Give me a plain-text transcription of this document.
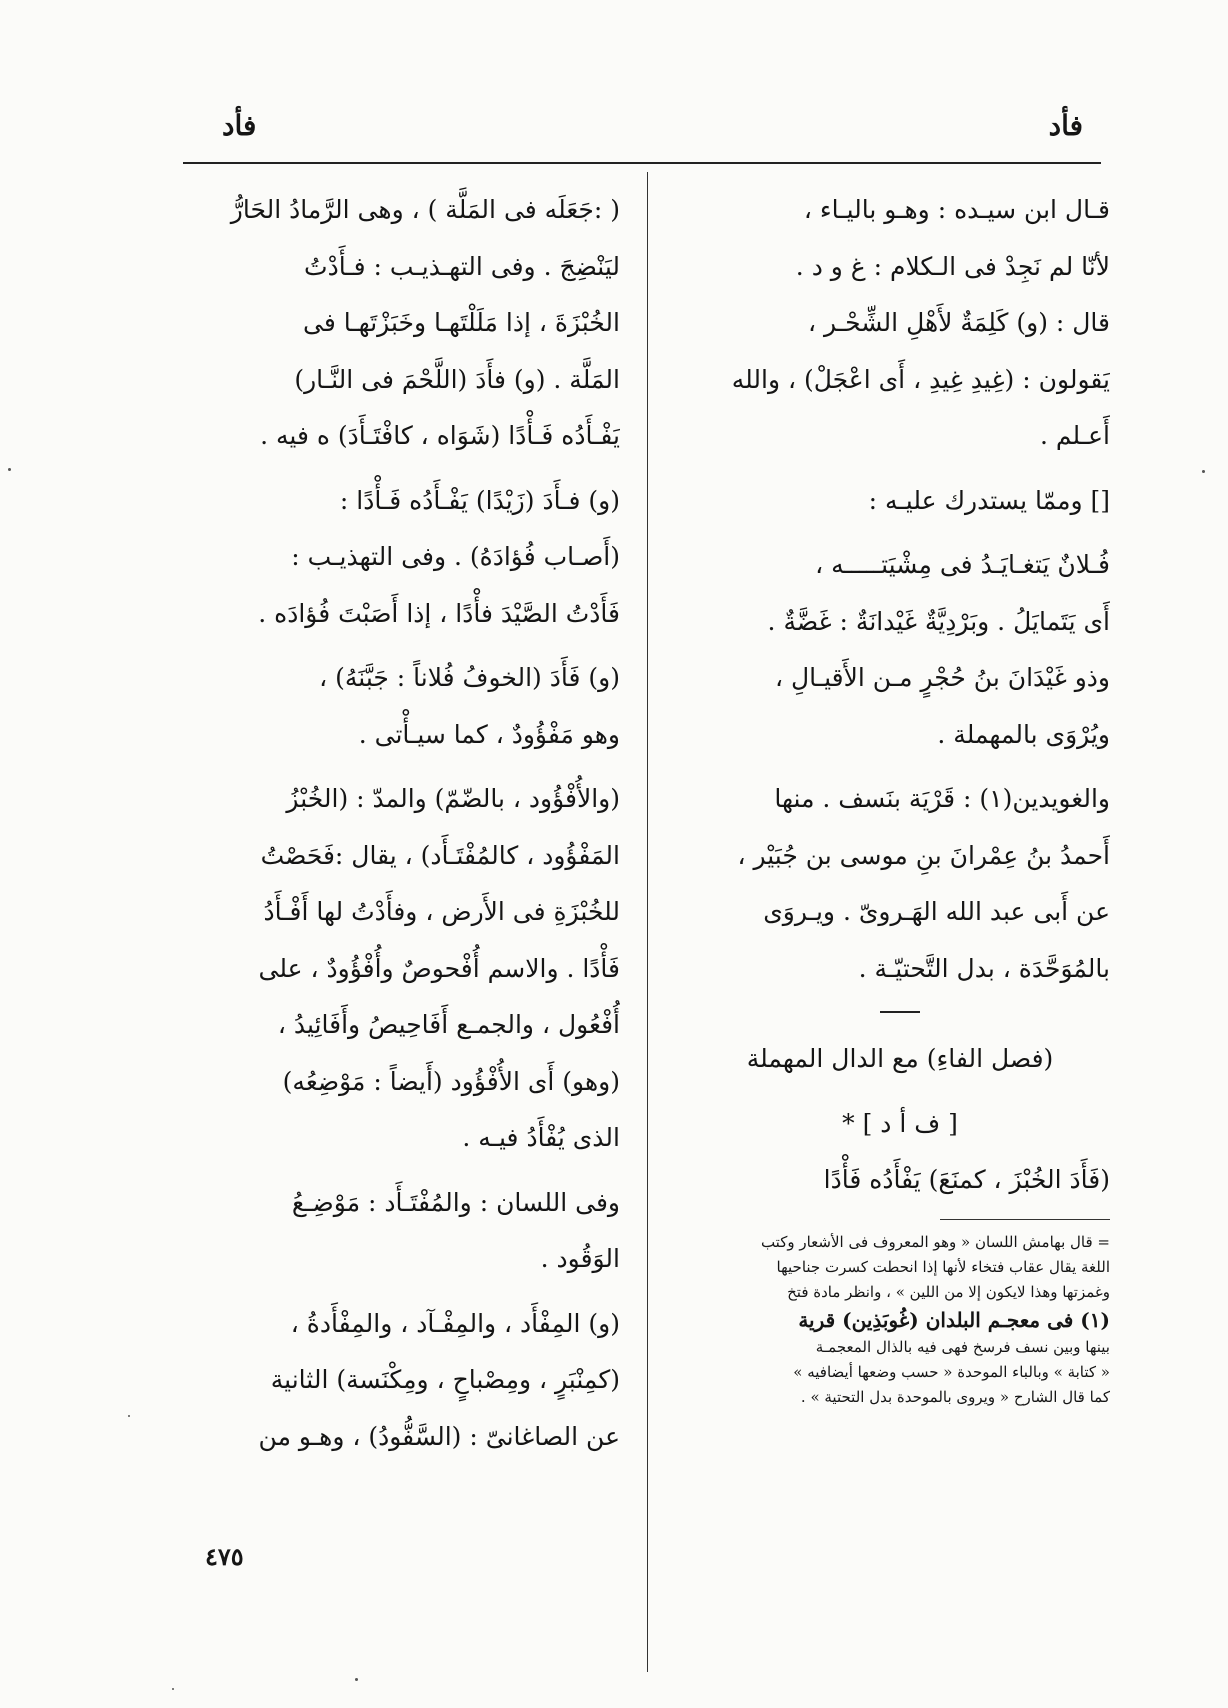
فأد
فأد
قـال ابن سيـده : وهـو باليـاء ،
لأنّا لم نَجِدْ فى الـكلام : غ و د .
قال : (و) كَلِمَةٌ لأَهْلِ الشِّحْـر ،
يَقولون : (غِيدِ غِيدِ ، أَى اعْجَلْ) ، والله
أَعـلم .
[] وممّا يستدرك عليـه :
فُـلانٌ يَتغـايَـدُ فى مِشْيَتـــــه ،
أَى يَتَمايَلُ . وبَرْدِيَّةٌ غَيْدانَةٌ : غَضَّةٌ .
وذو غَيْدَانَ بنُ حُجْرٍ مـن الأَقيـالِ ،
ويُرْوَى بالمهملة .
والغويدين(١) : قَرْيَة بنَسف . منها
أَحمدُ بنُ عِمْرانَ بنِ موسى بن جُبَيْر ،
عن أَبى عبد الله الهَـروىّ . ويـروَى
بالمُوَحَّدَة ، بدل التَّحتيّـة .
(فصل الفاءِ) مع الدال المهملة
[ ف أ د ] *
(فَأَدَ الخُبْزَ ، كمنَعَ) يَفْأَدُه فَأْدًا
= قال بهامش اللسان « وهو المعروف فى الأشعار وكتب
اللغة يقال عقاب فتخاء لأنها إذا انحطت كسرت جناحيها
وغمزتها وهذا لايكون إلا من اللين » ، وانظر مادة فتخ
(١) فى معجـم البلدان (غُوبَذِين) قرية
بينها وبين نسف فرسخ فهى فيه بالذال المعجمـة
« كتابة » وبالباء الموحدة « حسب وضعها أيضافيه »
كما قال الشارح « ويروى بالموحدة بدل التحتية » .
( :جَعَلَه فى المَلَّة ) ، وهى الرَّمادُ الحَارُّ
ليَنْضِجَ . وفى التهـذيـب : فـأَدْتُ
الخُبْزَةَ ، إذا مَلَلْتَهـا وخَبَزْتَهـا فى
المَلَّة . (و) فأَدَ (اللَّحْمَ فى النَّـار)
يَفْـأَدُه فَـأْدًا (شَوَاه ، كافْتَـأَدَ) ه فيه .
(و) فـأَدَ (زَيْدًا) يَفْـأَدُه فَـأْدًا :
(أَصـاب فُؤادَهُ) . وفى التهذيـب :
فَأَدْتُ الصَّيْدَ فأْدًا ، إذا أَصَبْتَ فُؤادَه .
(و) فَأَدَ (الخوفُ فُلاناً : جَبَّنَهُ) ،
وهو مَفْؤُودٌ ، كما سيـأْتى .
(والأُفْؤُود ، بالضّمّ) والمدّ : (الخُبْزُ
المَفْؤُود ، كالمُفْتَـأَد) ، يقال :فَحَصْتُ
للخُبْزَةِ فى الأَرض ، وفأَدْتُ لها أَفْـأَدُ
فَأْدًا . والاسم أُفْحوصٌ وأُفْؤُودٌ ، على
أُفْعُول ، والجمـع أَفَاحِيصُ وأَفَائِيدُ ،
(وهو) أَى الأُفْؤُود (أَيضاً : مَوْضِعُه)
الذى يُفْأَدُ فيـه .
وفى اللسان : والمُفْتَـأَد : مَوْضِـعُ
الوَقُود .
(و) المِفْأَد ، والمِفْـآد ، والمِفْأَدةُ ،
(كمِنْبَرٍ ، ومِصْباحٍ ، ومِكْنَسة) الثانية
عن الصاغانىّ : (السَّفُّودُ) ، وهـو من
٤٧٥
